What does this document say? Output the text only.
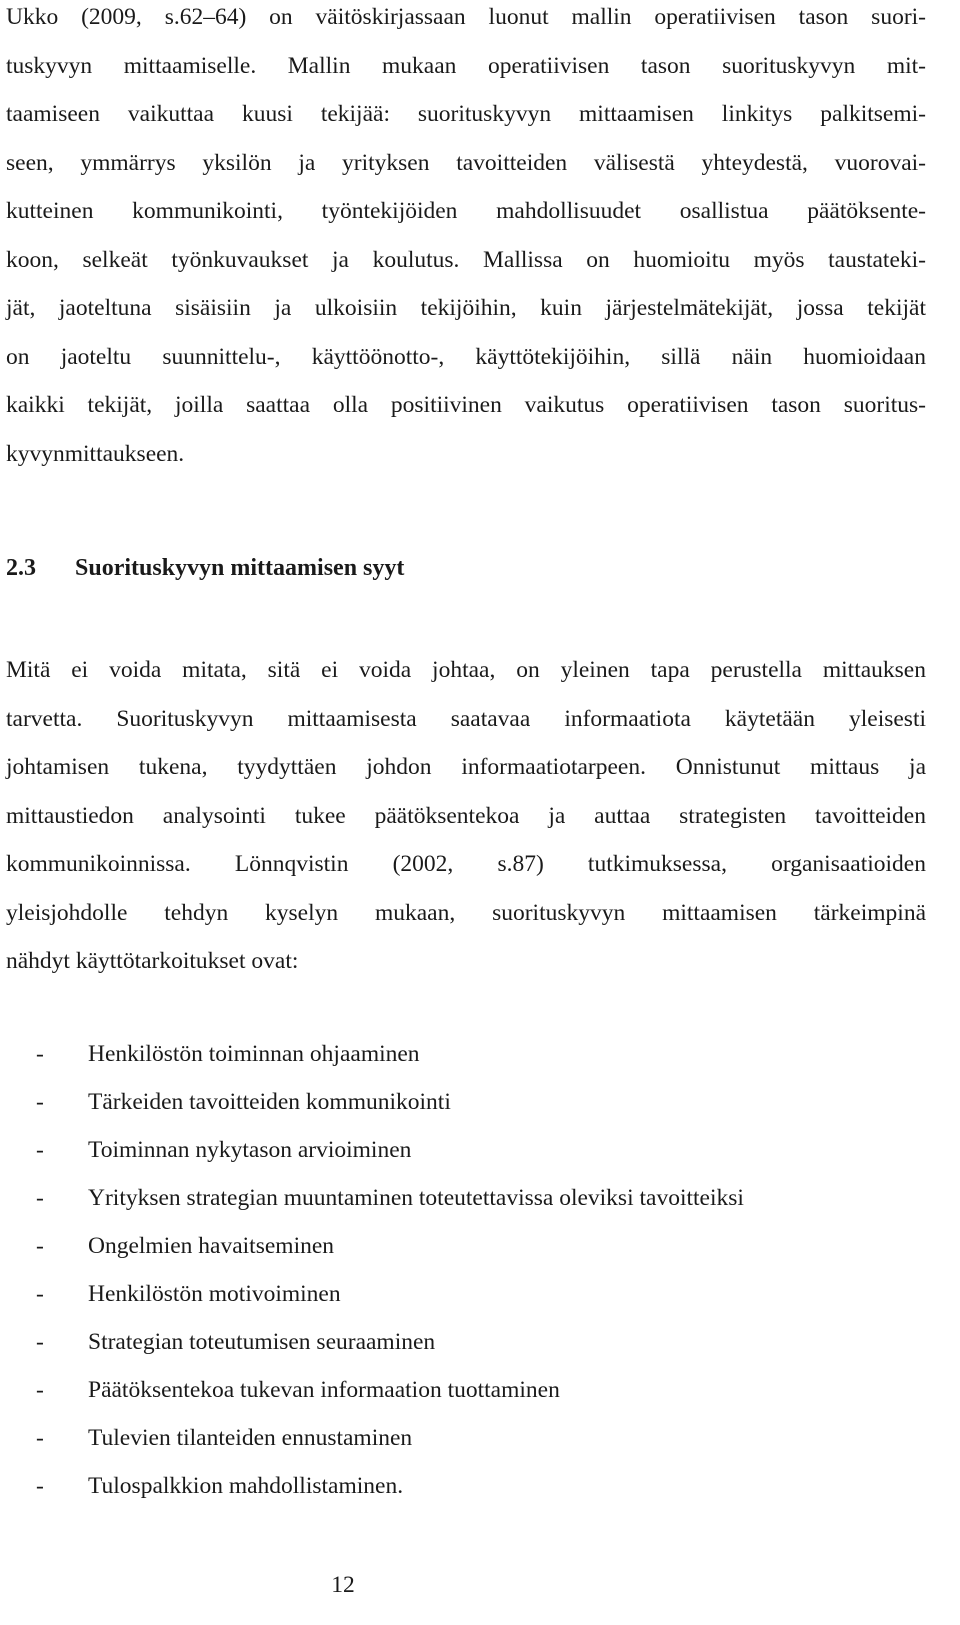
Ukko (2009, s.62–64) on väitöskirjassaan luonut mallin operatiivisen tason suori-
tuskyvyn mittaamiselle. Mallin mukaan operatiivisen tason suorituskyvyn mit-
taamiseen vaikuttaa kuusi tekijää: suorituskyvyn mittaamisen linkitys palkitsemi-
seen, ymmärrys yksilön ja yrityksen tavoitteiden välisestä yhteydestä, vuorovai-
kutteinen kommunikointi, työntekijöiden mahdollisuudet osallistua päätöksente-
koon, selkeät työnkuvaukset ja koulutus. Mallissa on huomioitu myös taustateki-
jät, jaoteltuna sisäisiin ja ulkoisiin tekijöihin, kuin järjestelmätekijät, jossa tekijät
on jaoteltu suunnittelu-, käyttöönotto-, käyttötekijöihin, sillä näin huomioidaan
kaikki tekijät, joilla saattaa olla positiivinen vaikutus operatiivisen tason suoritus-
kyvynmittaukseen.
2.3 Suorituskyvyn mittaamisen syyt
Mitä ei voida mitata, sitä ei voida johtaa, on yleinen tapa perustella mittauksen
tarvetta. Suorituskyvyn mittaamisesta saatavaa informaatiota käytetään yleisesti
johtamisen tukena, tyydyttäen johdon informaatiotarpeen. Onnistunut mittaus ja
mittaustiedon analysointi tukee päätöksentekoa ja auttaa strategisten tavoitteiden
kommunikoinnissa. Lönnqvistin (2002, s.87) tutkimuksessa, organisaatioiden
yleisjohdolle tehdyn kyselyn mukaan, suorituskyvyn mittaamisen tärkeimpinä
nähdyt käyttötarkoitukset ovat:
- Henkilöstön toiminnan ohjaaminen
- Tärkeiden tavoitteiden kommunikointi
- Toiminnan nykytason arvioiminen
- Yrityksen strategian muuntaminen toteutettavissa oleviksi tavoitteiksi
- Ongelmien havaitseminen
- Henkilöstön motivoiminen
- Strategian toteutumisen seuraaminen
- Päätöksentekoa tukevan informaation tuottaminen
- Tulevien tilanteiden ennustaminen
- Tulospalkkion mahdollistaminen.
12
